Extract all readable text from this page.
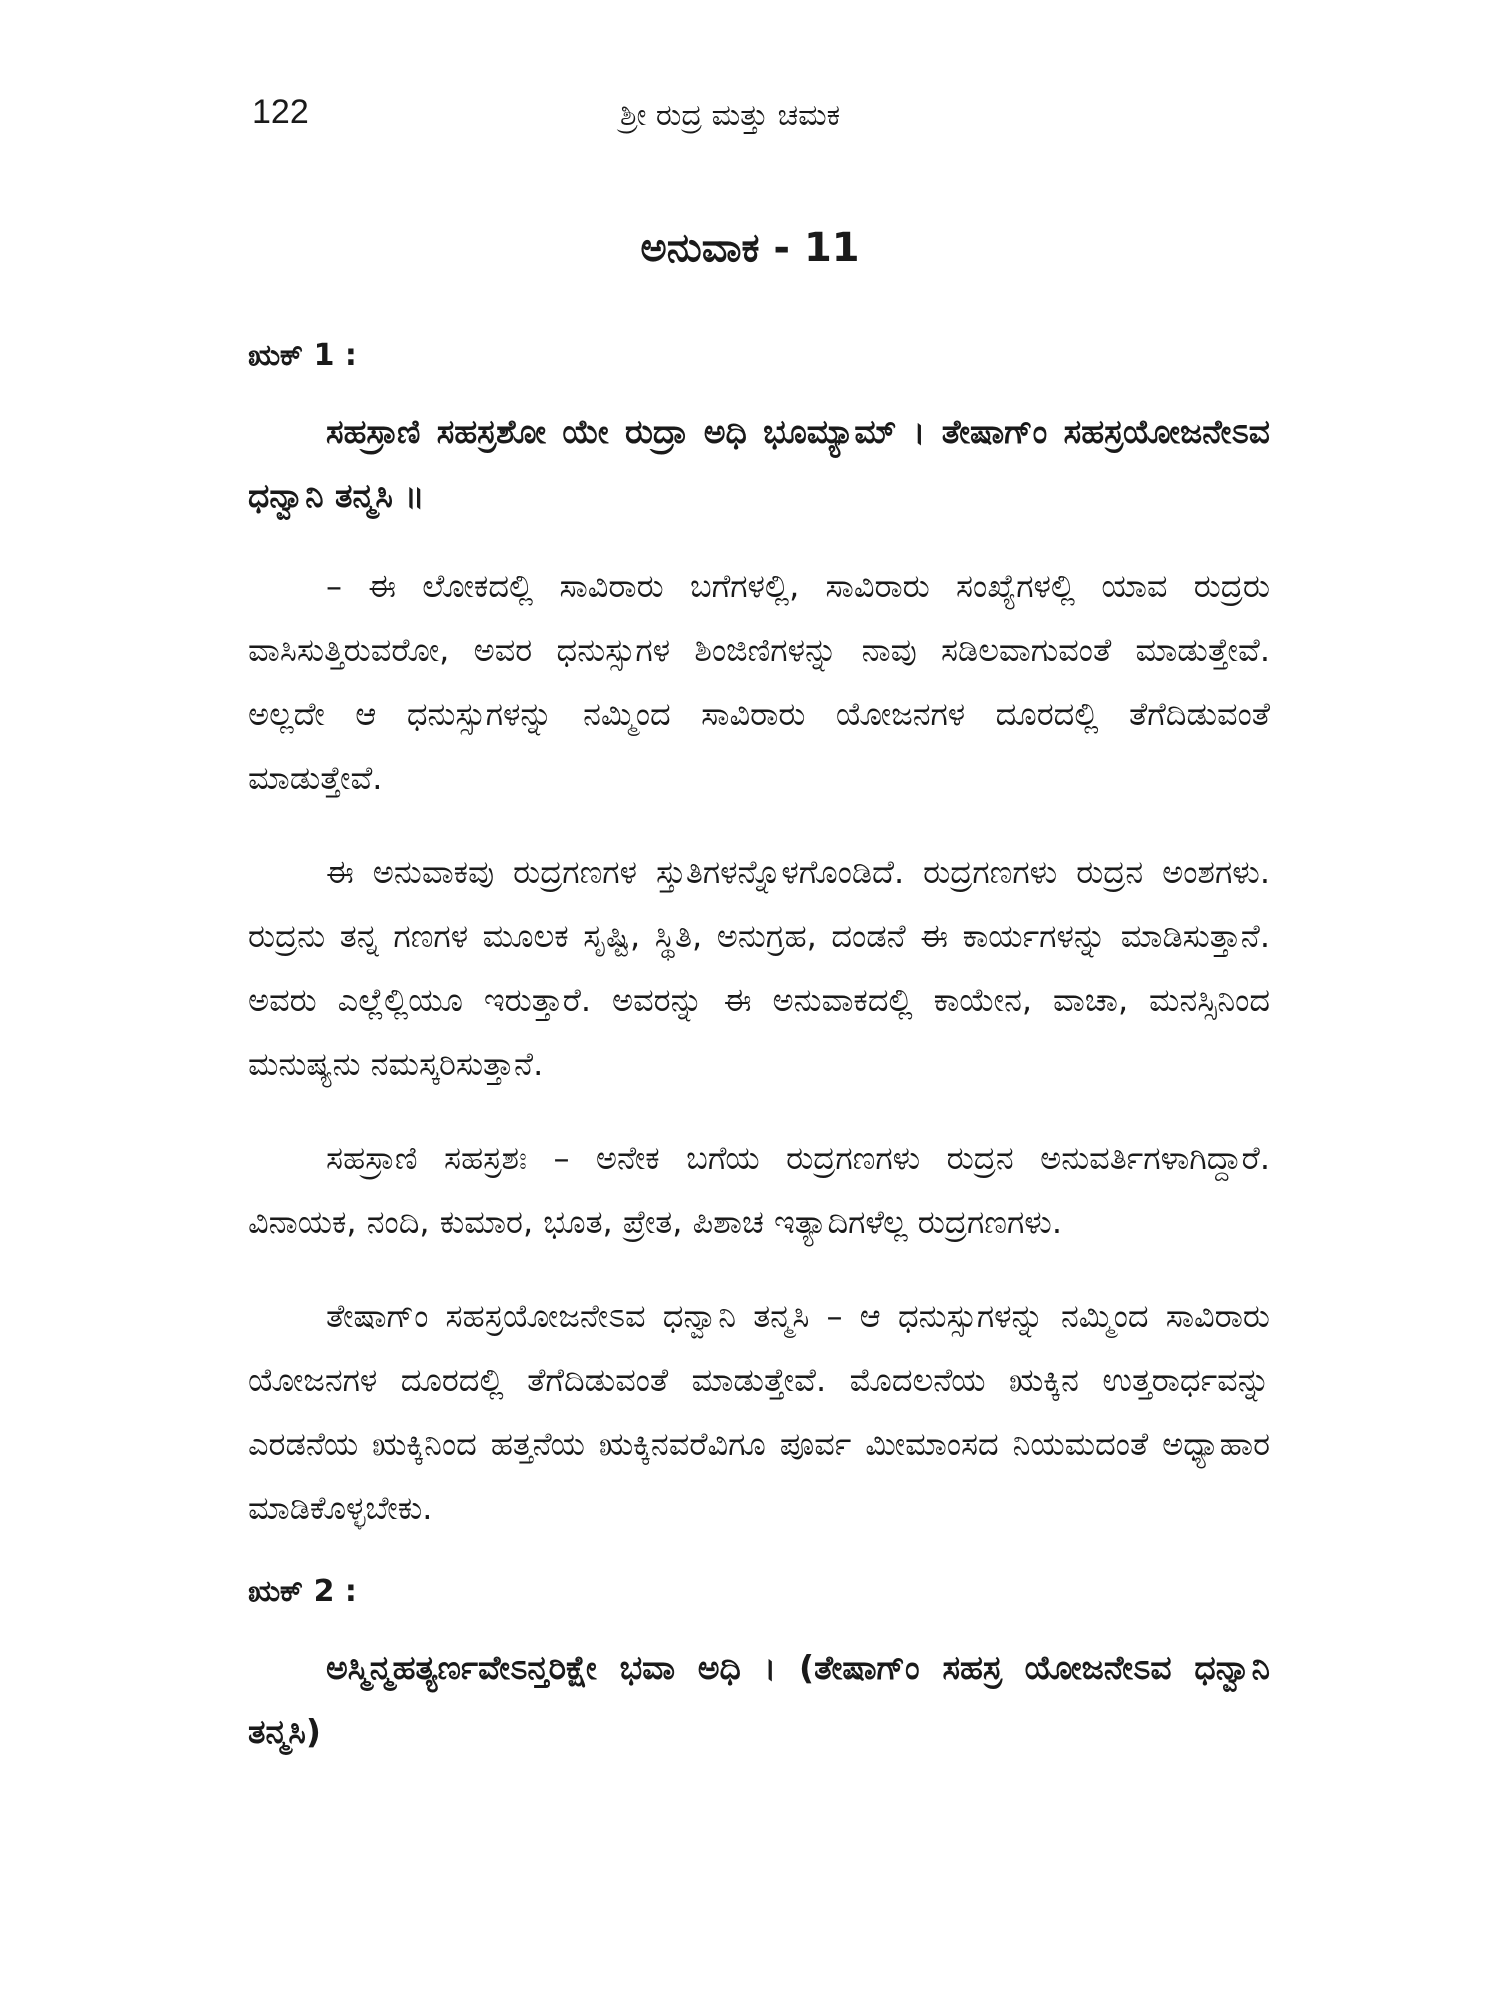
122	ಶ್ರೀ ರುದ್ರ ಮತ್ತು ಚಮಕ
ಅನುವಾಕ - 11
ಋಕ್ 1 :

ಸಹಸ್ರಾಣಿ ಸಹಸ್ರಶೋ ಯೇ ರುದ್ರಾ ಅಧಿ ಭೂಮ್ಯಾಮ್ । ತೇಷಾಗ್ಂ ಸಹಸ್ರಯೋಜನೇಽವ ಧನ್ವಾನಿ ತನ್ಮಸಿ ॥

– ಈ ಲೋಕದಲ್ಲಿ ಸಾವಿರಾರು ಬಗೆಗಳಲ್ಲಿ, ಸಾವಿರಾರು ಸಂಖ್ಯೆಗಳಲ್ಲಿ ಯಾವ ರುದ್ರರು ವಾಸಿಸುತ್ತಿರುವರೋ, ಅವರ ಧನುಸ್ಸುಗಳ ಶಿಂಜಿಣಿಗಳನ್ನು ನಾವು ಸಡಿಲವಾಗುವಂತೆ ಮಾಡುತ್ತೇವೆ. ಅಲ್ಲದೇ ಆ ಧನುಸ್ಸುಗಳನ್ನು ನಮ್ಮಿಂದ ಸಾವಿರಾರು ಯೋಜನಗಳ ದೂರದಲ್ಲಿ ತೆಗೆದಿಡುವಂತೆ ಮಾಡುತ್ತೇವೆ.

ಈ ಅನುವಾಕವು ರುದ್ರಗಣಗಳ ಸ್ತುತಿಗಳನ್ನೊಳಗೊಂಡಿದೆ. ರುದ್ರಗಣಗಳು ರುದ್ರನ ಅಂಶಗಳು. ರುದ್ರನು ತನ್ನ ಗಣಗಳ ಮೂಲಕ ಸೃಷ್ಟಿ, ಸ್ಥಿತಿ, ಅನುಗ್ರಹ, ದಂಡನೆ ಈ ಕಾರ್ಯಗಳನ್ನು ಮಾಡಿಸುತ್ತಾನೆ. ಅವರು ಎಲ್ಲೆಲ್ಲಿಯೂ ಇರುತ್ತಾರೆ. ಅವರನ್ನು ಈ ಅನುವಾಕದಲ್ಲಿ ಕಾಯೇನ, ವಾಚಾ, ಮನಸ್ಸಿನಿಂದ ಮನುಷ್ಯನು ನಮಸ್ಕರಿಸುತ್ತಾನೆ.

ಸಹಸ್ರಾಣಿ ಸಹಸ್ರಶಃ – ಅನೇಕ ಬಗೆಯ ರುದ್ರಗಣಗಳು ರುದ್ರನ ಅನುವರ್ತಿಗಳಾಗಿದ್ದಾರೆ. ವಿನಾಯಕ, ನಂದಿ, ಕುಮಾರ, ಭೂತ, ಪ್ರೇತ, ಪಿಶಾಚ ಇತ್ಯಾದಿಗಳೆಲ್ಲ ರುದ್ರಗಣಗಳು.

ತೇಷಾಗ್ಂ ಸಹಸ್ರಯೋಜನೇಽವ ಧನ್ವಾನಿ ತನ್ಮಸಿ – ಆ ಧನುಸ್ಸುಗಳನ್ನು ನಮ್ಮಿಂದ ಸಾವಿರಾರು ಯೋಜನಗಳ ದೂರದಲ್ಲಿ ತೆಗೆದಿಡುವಂತೆ ಮಾಡುತ್ತೇವೆ. ಮೊದಲನೆಯ ಋಕ್ಕಿನ ಉತ್ತರಾರ್ಧವನ್ನು ಎರಡನೆಯ ಋಕ್ಕಿನಿಂದ ಹತ್ತನೆಯ ಋಕ್ಕಿನವರೆವಿಗೂ ಪೂರ್ವ ಮೀಮಾಂಸದ ನಿಯಮದಂತೆ ಅಧ್ಯಾಹಾರ ಮಾಡಿಕೊಳ್ಳಬೇಕು.

ಋಕ್ 2 :

ಅಸ್ಮಿನ್ಮಹತ್ಯರ್ಣವೇಽನ್ತರಿಕ್ಷೇ ಭವಾ ಅಧಿ । (ತೇಷಾಗ್ಂ ಸಹಸ್ರ ಯೋಜನೇಽವ ಧನ್ವಾನಿ ತನ್ಮಸಿ)
